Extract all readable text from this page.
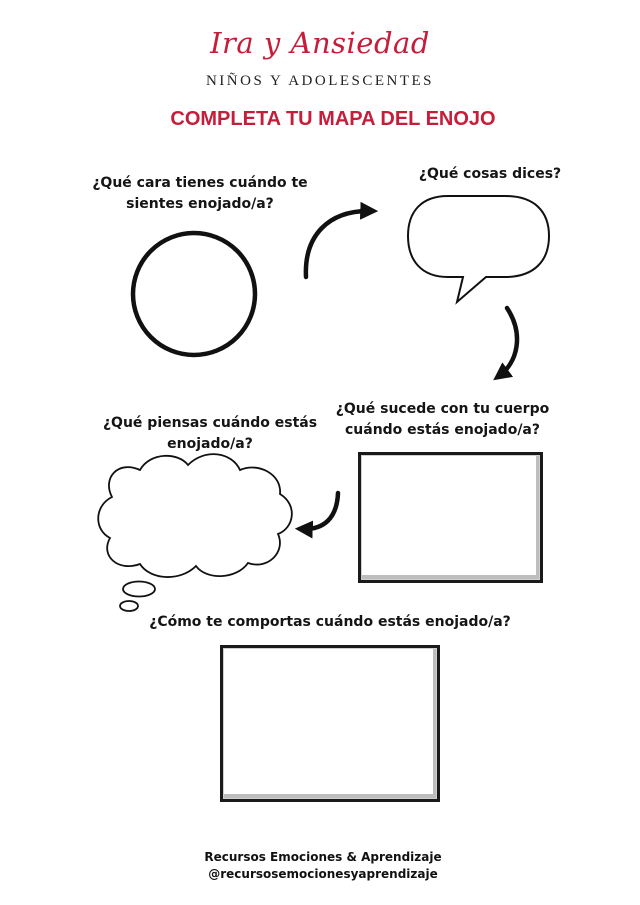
Ira y Ansiedad
NIÑOS Y ADOLESCENTES
COMPLETA TU MAPA DEL ENOJO
¿Qué cara tienes cuándo te sientes enojado/a?
¿Qué cosas dices?
¿Qué sucede con tu cuerpo cuándo estás enojado/a?
¿Qué piensas cuándo estás enojado/a?
¿Cómo te comportas cuándo estás enojado/a?
Recursos Emociones & Aprendizaje
@recursosemocionesyaprendizaje
